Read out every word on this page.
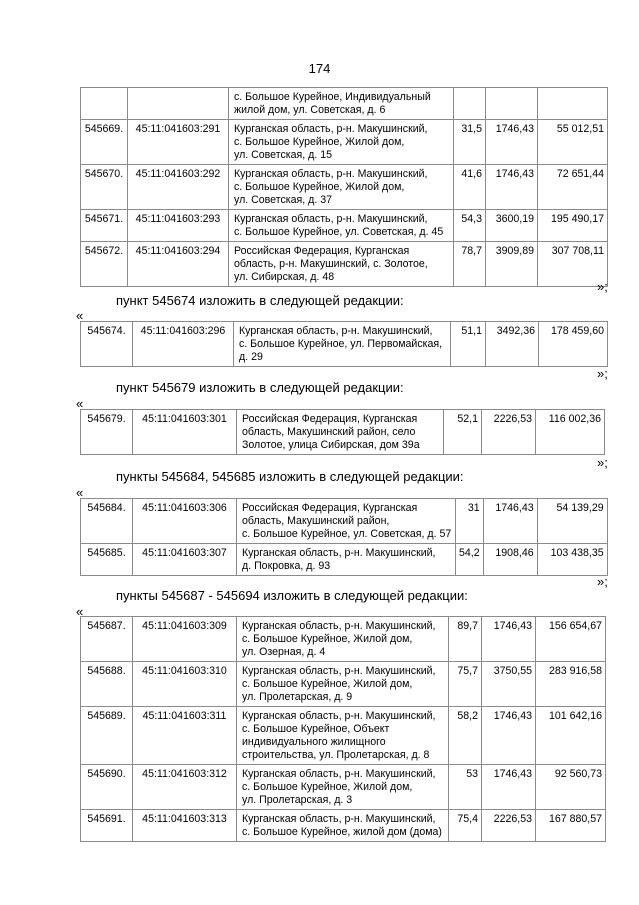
174
		с. Большое Курейное, Индивидуальный
жилой дом, ул. Советская, д. 6			
545669.	45:11:041603:291	Курганская область, р-н. Макушинский,
с. Большое Курейное, Жилой дом,
ул. Советская, д. 15	31,5	1746,43	55 012,51
545670.	45:11:041603:292	Курганская область, р-н. Макушинский,
с. Большое Курейное, Жилой дом,
ул. Советская, д. 37	41,6	1746,43	72 651,44
545671.	45:11:041603:293	Курганская область, р-н. Макушинский,
с. Большое Курейное, ул. Советская, д. 45	54,3	3600,19	195 490,17
545672.	45:11:041603:294	Российская Федерация, Курганская
область, р-н. Макушинский, с. Золотое,
ул. Сибирская, д. 48	78,7	3909,89	307 708,11
»;
пункт 545674 изложить в следующей редакции:
«
545674.	45:11:041603:296	Курганская область, р-н. Макушинский,
с. Большое Курейное, ул. Первомайская,
д. 29	51,1	3492,36	178 459,60
»;
пункт 545679 изложить в следующей редакции:
«
545679.	45:11:041603:301	Российская Федерация, Курганская
область, Макушинский район, село
Золотое, улица Сибирская, дом 39а	52,1	2226,53	116 002,36
»;
пункты 545684, 545685 изложить в следующей редакции:
«
545684.	45:11:041603:306	Российская Федерация, Курганская
область, Макушинский район,
с. Большое Курейное, ул. Советская, д. 57	31	1746,43	54 139,29
545685.	45:11:041603:307	Курганская область, р-н. Макушинский,
д. Покровка, д. 93	54,2	1908,46	103 438,35
»;
пункты 545687 - 545694 изложить в следующей редакции:
«
545687.	45:11:041603:309	Курганская область, р-н. Макушинский,
с. Большое Курейное, Жилой дом,
ул. Озерная, д. 4	89,7	1746,43	156 654,67
545688.	45:11:041603:310	Курганская область, р-н. Макушинский,
с. Большое Курейное, Жилой дом,
ул. Пролетарская, д. 9	75,7	3750,55	283 916,58
545689.	45:11:041603:311	Курганская область, р-н. Макушинский,
с. Большое Курейное, Объект
индивидуального жилищного
строительства, ул. Пролетарская, д. 8	58,2	1746,43	101 642,16
545690.	45:11:041603:312	Курганская область, р-н. Макушинский,
с. Большое Курейное, Жилой дом,
ул. Пролетарская, д. 3	53	1746,43	92 560,73
545691.	45:11:041603:313	Курганская область, р-н. Макушинский,
с. Большое Курейное, жилой дом (дома)	75,4	2226,53	167 880,57
